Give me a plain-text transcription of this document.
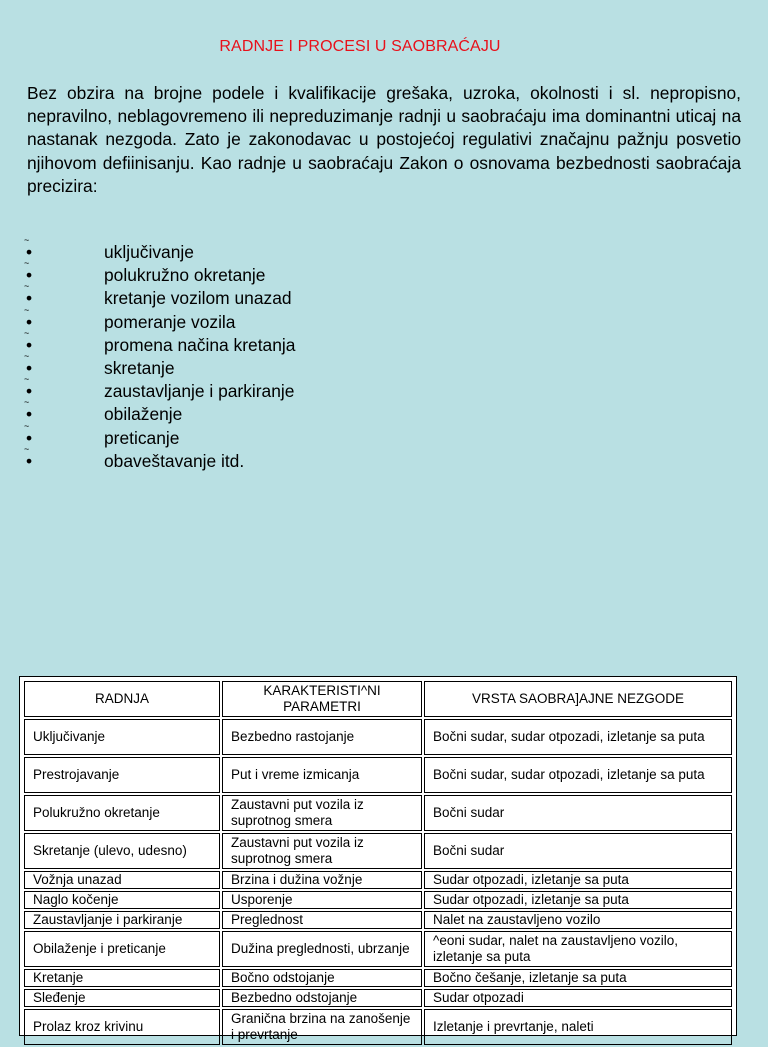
RADNJE I PROCESI U SAOBRAĆAJU

Bez obzira na brojne podele i kvalifikacije grešaka, uzroka, okolnosti i sl. nepropisno, nepravilno, neblagovremeno ili nepreduzimanje radnji u saobraćaju ima dominantni uticaj na nastanak nezgoda. Zato je zakonodavac u postojećoj regulativi značajnu pažnju posvetio njihovom defiinisanju. Kao radnje u saobraćaju Zakon o osnovama bezbednosti saobraćaja precizira:

~
•	uključivanje
~
•	polukružno okretanje
~
•	kretanje vozilom unazad
~
•	pomeranje vozila
~
•	promena načina kretanja
~
•	skretanje
~
•	zaustavljanje i parkiranje
~
•	obilaženje
~
•	preticanje
~
•	obaveštavanje itd.
RADNJA	KARAKTERISTI^NI PARAMETRI	VRSTA SAOBRA]AJNE NEZGODE
Uključivanje	Bezbedno rastojanje	Bočni sudar, sudar otpozadi, izletanje sa puta
Prestrojavanje	Put i vreme izmicanja	Bočni sudar, sudar otpozadi, izletanje sa puta
Polukružno okretanje	Zaustavni put vozila iz suprotnog smera	Bočni sudar
Skretanje (ulevo, udesno)	Zaustavni put vozila iz suprotnog smera	Bočni sudar
Vožnja unazad	Brzina i dužina vožnje	Sudar otpozadi, izletanje sa puta
Naglo kočenje	Usporenje	Sudar otpozadi, izletanje sa puta
Zaustavljanje i parkiranje	Preglednost	Nalet na zaustavljeno vozilo
Obilaženje i preticanje	Dužina preglednosti, ubrzanje	^eoni sudar, nalet na zaustavljeno vozilo, izletanje sa puta
Kretanje	Bočno odstojanje	Bočno češanje, izletanje sa puta
Slеđenje	Bezbedno odstojanje	Sudar otpozadi
Prolaz kroz krivinu	Granična brzina na zanošenje i prevrtanje	Izletanje i prevrtanje, naleti
